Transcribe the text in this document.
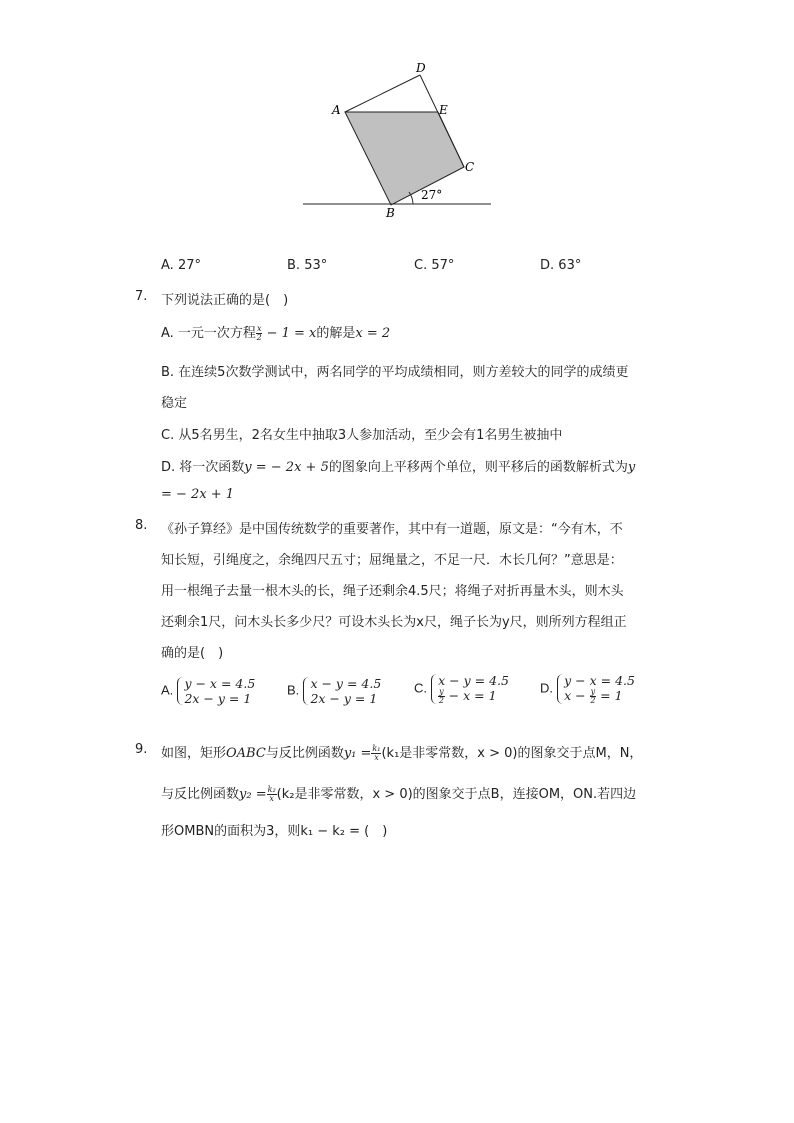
D
A	E
C
B
27°
A. 27°	B. 53°	C. 57°	D. 63°
7. 下列说法正确的是(　)
A. 一元一次方程 $\frac{x}{2} - 1 = x$的解是x = 2
B. 在连续5次数学测试中，两名同学的平均成绩相同，则方差较大的同学的成绩更
稳定
C. 从5名男生，2名女生中抽取3人参加活动，至少会有1名男生被抽中
D. 将一次函数y = − 2x + 5的图象向上平移两个单位，则平移后的函数解析式为y
= − 2x + 1
8. 《孙子算经》是中国传统数学的重要著作，其中有一道题，原文是：“今有木，不
知长短，引绳度之，余绳四尺五寸；屈绳量之，不足一尺．木长几何？”意思是：
用一根绳子去量一根木头的长，绳子还剩余4.5尺；将绳子对折再量木头，则木头
还剩余1尺，问木头长多少尺？可设木头长为x尺，绳子长为y尺，则所列方程组正
确的是(　)
A. y − x = 4.5
2x − y = 1
B. x − y = 4.5
2x − y = 1
C. x − y = 4.5

$\frac{y}{2} - x = 1$	D. y − x = 4.5
$x - \frac{y}{2} = 1$
9. 如图，矩形OABC与反比例函数$y_1 = \frac{\text{k₁}}{x} (k_1$是非零常数，x > 0)的图象交于点M，N，
与反比例函数$y_2 = \frac{\text{k₂}}{x} (k_2$是非零常数，x > 0)的图象交于点B，连接OM，ON.若四边
形OMBN的面积为3，则k₁ − k₂ = (　)
